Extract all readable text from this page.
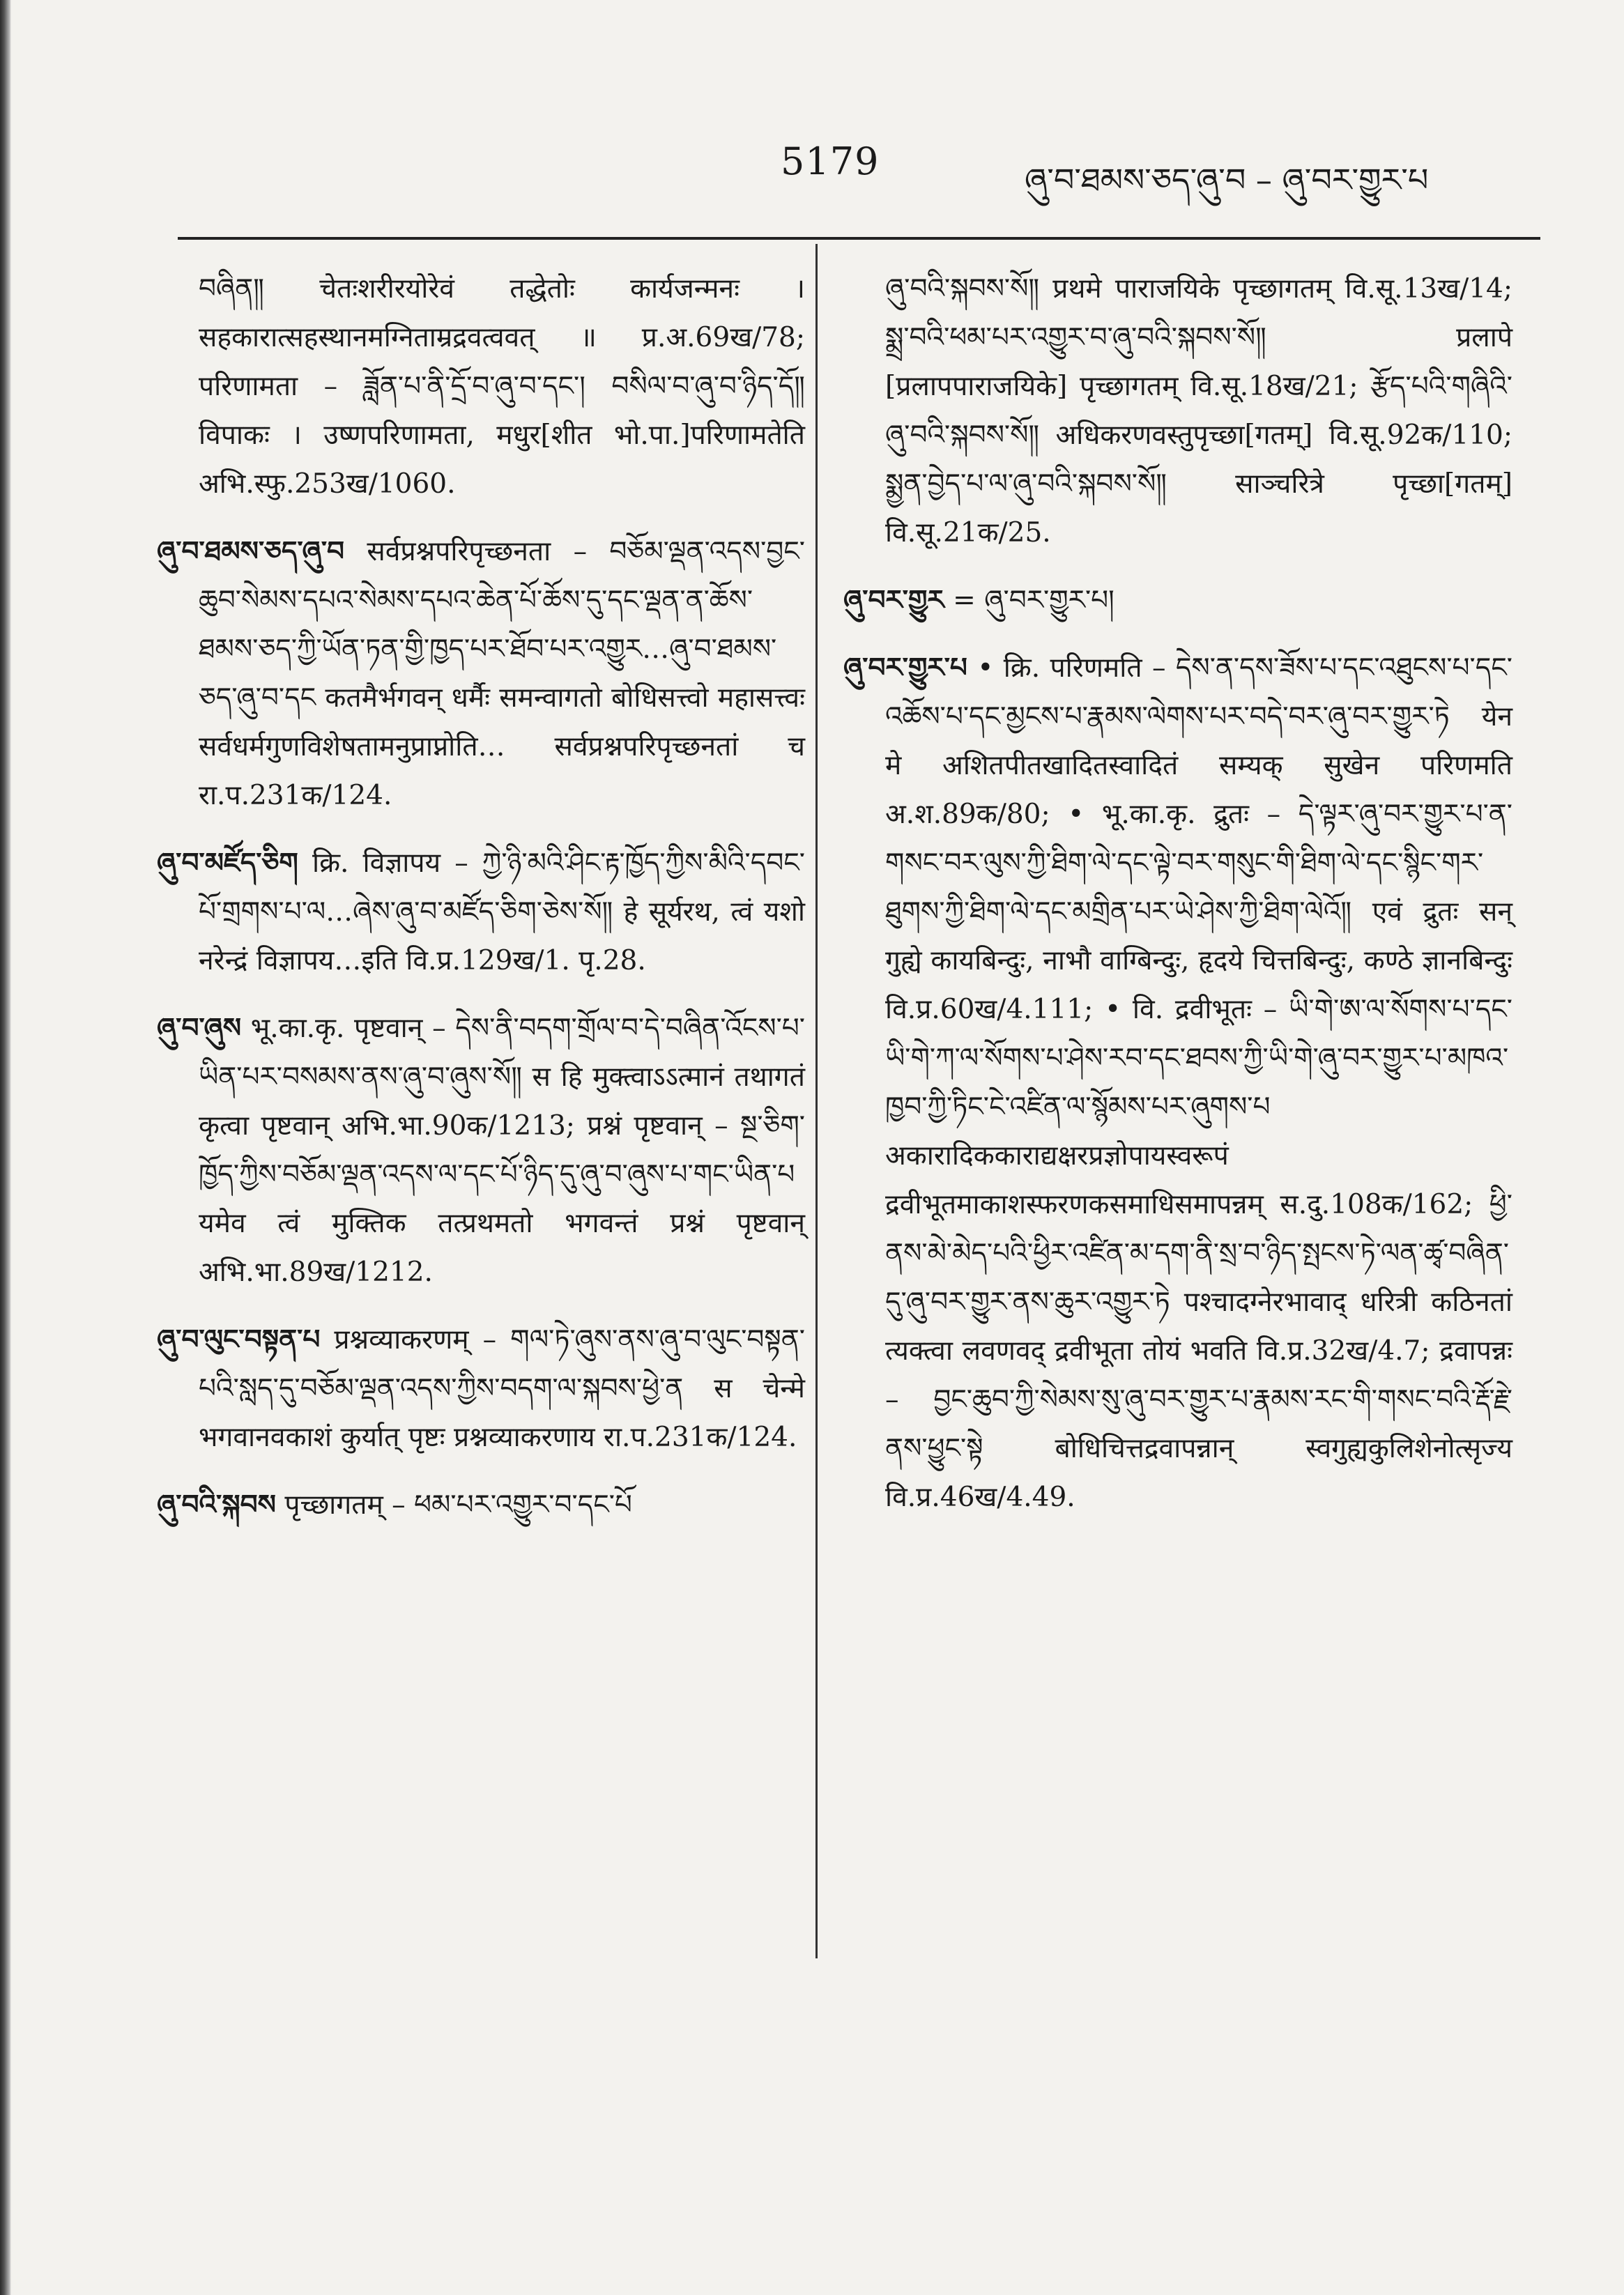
5179	ཞུ་བ་ཐམས་ཅད་ཞུ་བ – ཞུ་བར་གྱུར་པ

བཞིན༎ चेतःशरीरयोरेवं तद्धेतोः कार्यजन्मनः । सहकारात्सहस्थानमग्निताम्रद्रवत्ववत् ॥ प्र.अ.69ख/78; परिणामता – ཟློན་པ་ནི་དྲོ་བ་ཞུ་བ་དང་། བསིལ་བ་ཞུ་བ་ཉིད་དོ༎ विपाकः । उष्णपरिणामता, मधुर[शीत भो.पा.]परिणामतेति अभि.स्फु.253ख/1060.

ཞུ་བ་ཐམས་ཅད་ཞུ་བ सर्वप्रश्नपरिपृच्छनता – བཅོམ་ལྡན་འདས་བྱང་ཆུབ་སེམས་དཔའ་སེམས་དཔའ་ཆེན་པོ་ཆོས་དུ་དང་ལྡན་ན་ཆོས་ཐམས་ཅད་ཀྱི་ཡོན་ཏན་གྱི་ཁྱད་པར་ཐོབ་པར་འགྱུར…ཞུ་བ་ཐམས་ཅད་ཞུ་བ་དང कतमैर्भगवन् धर्मैः समन्वागतो बोधिसत्त्वो महासत्त्वः सर्वधर्मगुणविशेषतामनुप्राप्नोति… सर्वप्रश्नपरिपृच्छनतां च रा.प.231क/124.

ཞུ་བ་མཛོད་ཅིག क्रि. विज्ञापय – ཀྱེ་ཉི་མའི་ཤིང་རྟ་ཁྱོད་ཀྱིས་མིའི་དབང་པོ་གྲགས་པ་ལ…ཞེས་ཞུ་བ་མཛོད་ཅིག་ཅེས་སོ༎ हे सूर्यरथ, त्वं यशो नरेन्द्रं विज्ञापय…इति वि.प्र.129ख/1. पृ.28.

ཞུ་བ་ཞུས भू.का.कृ. पृष्टवान् – དེས་ནི་བདག་གྲོལ་བ་དེ་བཞིན་འོངས་པ་ཡིན་པར་བསམས་ནས་ཞུ་བ་ཞུས་སོ༎ स हि मुक्त्वाऽऽत्मानं तथागतं कृत्वा पृष्टवान् अभि.भा.90क/1213; प्रश्नं पृष्टवान् – སྔ་ཅིག་ཁྱོད་ཀྱིས་བཅོམ་ལྡན་འདས་ལ་དང་པོ་ཉིད་དུ་ཞུ་བ་ཞུས་པ་གང་ཡིན་པ यमेव त्वं मुक्तिक तत्प्रथमतो भगवन्तं प्रश्नं पृष्टवान् अभि.भा.89ख/1212.

ཞུ་བ་ལུང་བསྟན་པ प्रश्नव्याकरणम् – གལ་ཏེ་ཞུས་ནས་ཞུ་བ་ལུང་བསྟན་པའི་སླད་དུ་བཅོམ་ལྡན་འདས་ཀྱིས་བདག་ལ་སྐབས་ཕྱེ་ན स चेन्मे भगवानवकाशं कुर्यात् पृष्टः प्रश्नव्याकरणाय रा.प.231क/124.

ཞུ་བའི་སྐབས पृच्छागतम् – ཕམ་པར་འགྱུར་བ་དང་པོ

ཞུ་བའི་སྐབས་སོ༎ प्रथमे पाराजयिके पृच्छागतम् वि.सू.13ख/14; སྨྲ་བའི་ཕམ་པར་འགྱུར་བ་ཞུ་བའི་སྐབས་སོ༎ प्रलापे [प्रलापपाराजयिके] पृच्छागतम् वि.सू.18ख/21; རྩོད་པའི་གཞིའི་ཞུ་བའི་སྐབས་སོ༎ अधिकरणवस्तुपृच्छा[गतम्] वि.सू.92क/110; སྨྱན་བྱེད་པ་ལ་ཞུ་བའི་སྐབས་སོ༎ साञ्चरित्रे पृच्छा[गतम्] वि.सू.21क/25.

ཞུ་བར་གྱུར = ཞུ་བར་གྱུར་པ།

ཞུ་བར་གྱུར་པ • क्रि. परिणमति – དེས་ན་དས་ཟོས་པ་དང་འཐུངས་པ་དང་འཆོས་པ་དང་མྱངས་པ་རྣམས་ལེགས་པར་བདེ་བར་ཞུ་བར་གྱུར་ཏེ येन मे अशितपीतखादितस्वादितं सम्यक् सुखेन परिणमति अ.श.89क/80; • भू.का.कृ. द्रुतः – དེ་ལྟར་ཞུ་བར་གྱུར་པ་ན་གསང་བར་ལུས་ཀྱི་ཐིག་ལེ་དང་ལྟེ་བར་གསུང་གི་ཐིག་ལེ་དང་སྙིང་གར་ཐུགས་ཀྱི་ཐིག་ལེ་དང་མགྲིན་པར་ཡེ་ཤེས་ཀྱི་ཐིག་ལེའོ༎ एवं द्रुतः सन् गुह्ये कायबिन्दुः, नाभौ वाग्बिन्दुः, हृदये चित्तबिन्दुः, कण्ठे ज्ञानबिन्दुः वि.प्र.60ख/4.111; • वि. द्रवीभूतः – ཡི་གེ་ཨ་ལ་སོགས་པ་དང་ཡི་གེ་ཀ་ལ་སོགས་པ་ཤེས་རབ་དང་ཐབས་ཀྱི་ཡི་གེ་ཞུ་བར་གྱུར་པ་མཁའ་ཁྱབ་ཀྱི་ཏིང་ངེ་འཛིན་ལ་སྙོམས་པར་ཞུགས་པ अकारादिककाराद्यक्षरप्रज्ञोपायस्वरूपं द्रवीभूतमाकाशस्फरणकसमाधिसमापन्नम् स.दु.108क/162; ཕྱི་ནས་མེ་མེད་པའི་ཕྱིར་འཛིན་མ་དག་ནི་སྲ་བ་ཉིད་སྤངས་ཏེ་ལན་ཚྭ་བཞིན་དུ་ཞུ་བར་གྱུར་ནས་ཆུར་འགྱུར་ཏེ पश्चादग्नेरभावाद् धरित्री कठिनतां त्यक्त्वा लवणवद् द्रवीभूता तोयं भवति वि.प्र.32ख/4.7; द्रवापन्नः – བྱང་ཆུབ་ཀྱི་སེམས་སུ་ཞུ་བར་གྱུར་པ་རྣམས་རང་གི་གསང་བའི་རྡོ་རྗེ་ནས་ཕྱུང་སྟེ बोधिचित्तद्रवापन्नान् स्वगुह्यकुलिशेनोत्सृज्य वि.प्र.46ख/4.49.
